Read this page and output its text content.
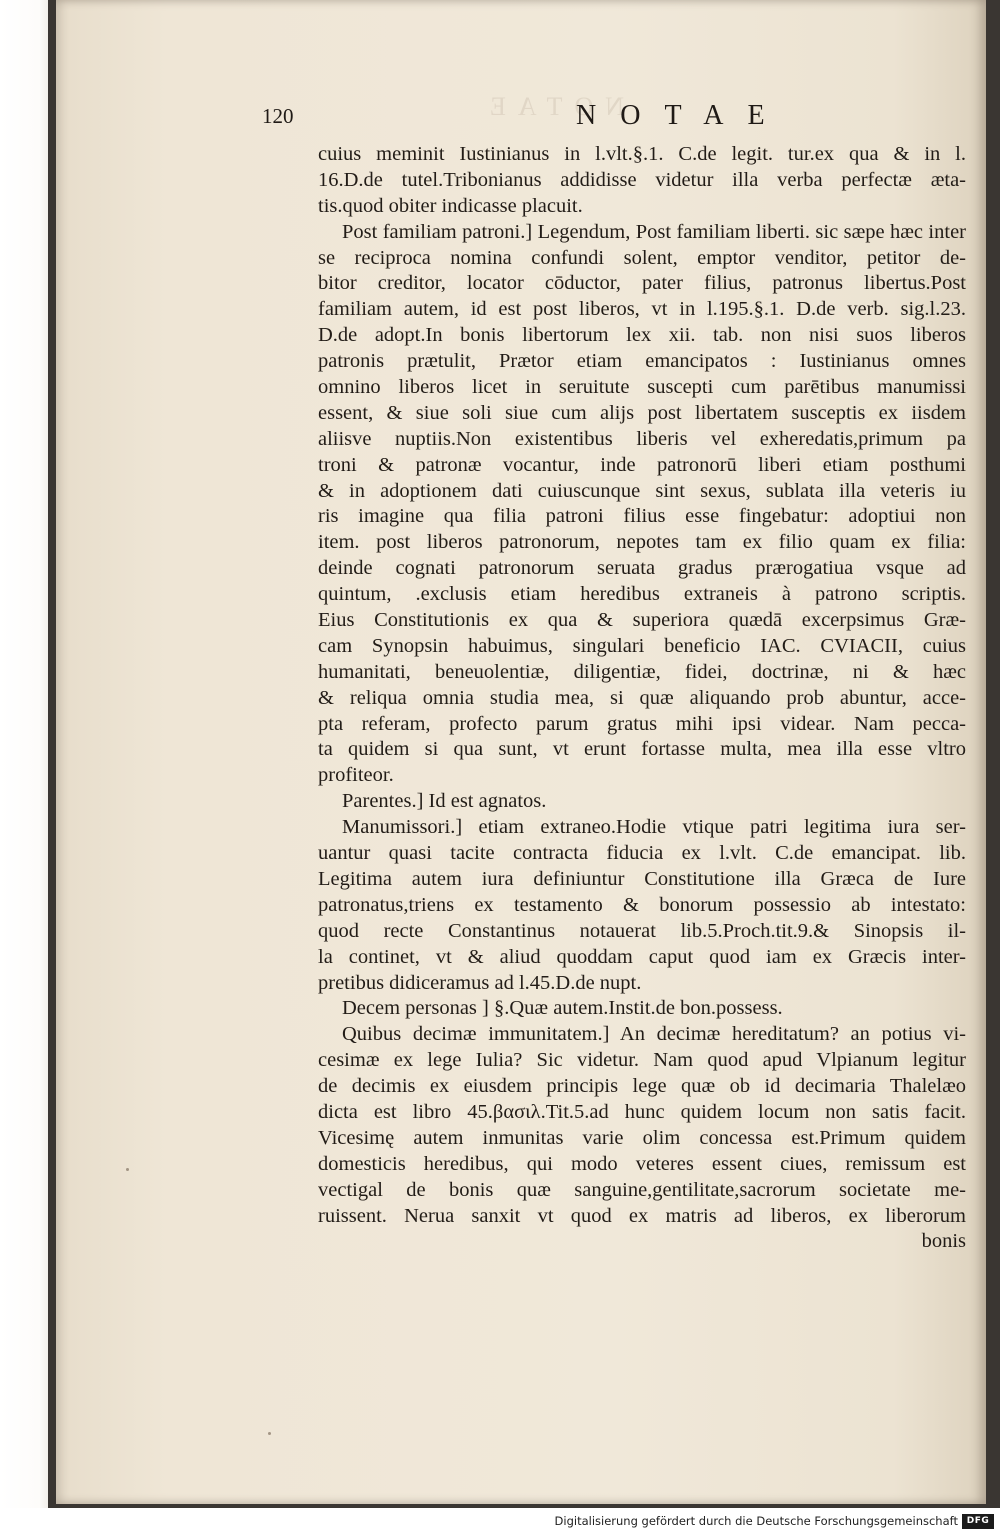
NOTAE
120	NOTAE
cuius meminit Iustinianus in l.vlt.§.1. C.de legit. tur.ex qua & in l.
16.D.de tutel.Tribonianus addidisse videtur illa verba perfectæ æta-
tis.quod obiter indicasse placuit.
Post familiam patroni.] Legendum, Post familiam liberti. sic sæpe hæc inter
se reciproca nomina confundi solent, emptor venditor, petitor de-
bitor creditor, locator cōductor, pater filius, patronus libertus.Post
familiam autem, id est post liberos, vt in l.195.§.1. D.de verb. sig.l.23.
D.de adopt.In bonis libertorum lex xii. tab. non nisi suos liberos
patronis prætulit, Prætor etiam emancipatos : Iustinianus omnes
omnino liberos licet in seruitute suscepti cum parētibus manumissi
essent, & siue soli siue cum alijs post libertatem susceptis ex iisdem
aliisve nuptiis.Non existentibus liberis vel exheredatis,primum pa
troni & patronæ vocantur, inde patronorū liberi etiam posthumi
& in adoptionem dati cuiuscunque sint sexus, sublata illa veteris iu
ris imagine qua filia patroni filius esse fingebatur: adoptiui non
item. post liberos patronorum, nepotes tam ex filio quam ex filia:
deinde cognati patronorum seruata gradus prærogatiua vsque ad
quintum, .exclusis etiam heredibus extraneis à patrono scriptis.
Eius Constitutionis ex qua & superiora quædā excerpsimus Græ-
cam Synopsin habuimus, singulari beneficio IAC. CVIACII, cuius
humanitati, beneuolentiæ, diligentiæ, fidei, doctrinæ, ni & hæc
& reliqua omnia studia mea, si quæ aliquando prob abuntur, acce-
pta referam, profecto parum gratus mihi ipsi videar. Nam pecca-
ta quidem si qua sunt, vt erunt fortasse multa, mea illa esse vltro
profiteor.
Parentes.] Id est agnatos.
Manumissori.] etiam extraneo.Hodie vtique patri legitima iura ser-
uantur quasi tacite contracta fiducia ex l.vlt. C.de emancipat. lib.
Legitima autem iura definiuntur Constitutione illa Græca de Iure
patronatus,triens ex testamento & bonorum possessio ab intestato:
quod recte Constantinus notauerat lib.5.Proch.tit.9.& Sinopsis il-
la continet, vt & aliud quoddam caput quod iam ex Græcis inter-
pretibus didiceramus ad l.45.D.de nupt.
Decem personas ] §.Quæ autem.Instit.de bon.possess.
Quibus decimæ immunitatem.] An decimæ hereditatum? an potius vi-
cesimæ ex lege Iulia? Sic videtur. Nam quod apud Vlpianum legitur
de decimis ex eiusdem principis lege quæ ob id decimaria Thalelæo
dicta est libro 45.βασιλ.Tit.5.ad hunc quidem locum non satis facit.
Vicesimę autem inmunitas varie olim concessa est.Primum quidem
domesticis heredibus, qui modo veteres essent ciues, remissum est
vectigal de bonis quæ sanguine,gentilitate,sacrorum societate me-
ruissent. Nerua sanxit vt quod ex matris ad liberos, ex liberorum
bonis
Digitalisierung gefördert durch die Deutsche Forschungsgemeinschaft DFG
